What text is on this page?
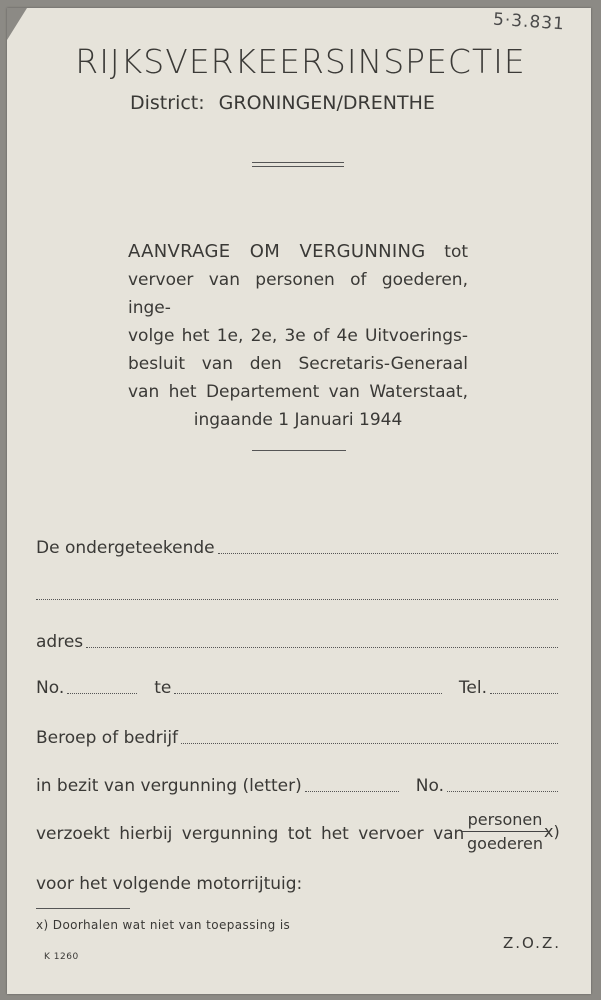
5·3.831
RIJKSVERKEERSINSPECTIE
District: GRONINGEN/DRENTHE
AANVRAGE OM VERGUNNING tot
vervoer van personen of goederen, inge-
volge het 1e, 2e, 3e of 4e Uitvoerings-
besluit van den Secretaris-Generaal
van het Departement van Waterstaat,
ingaande 1 Januari 1944
De ondergeteekende
adres
No.	te	Tel.
Beroep of bedrijf
in bezit van vergunning (letter)	No.
verzoekt hierbij vergunning tot het vervoer van
personen
goederen
x)
voor het volgende motorrijtuig:
x) Doorhalen wat niet van toepassing is
Z.O.Z.
K 1260
